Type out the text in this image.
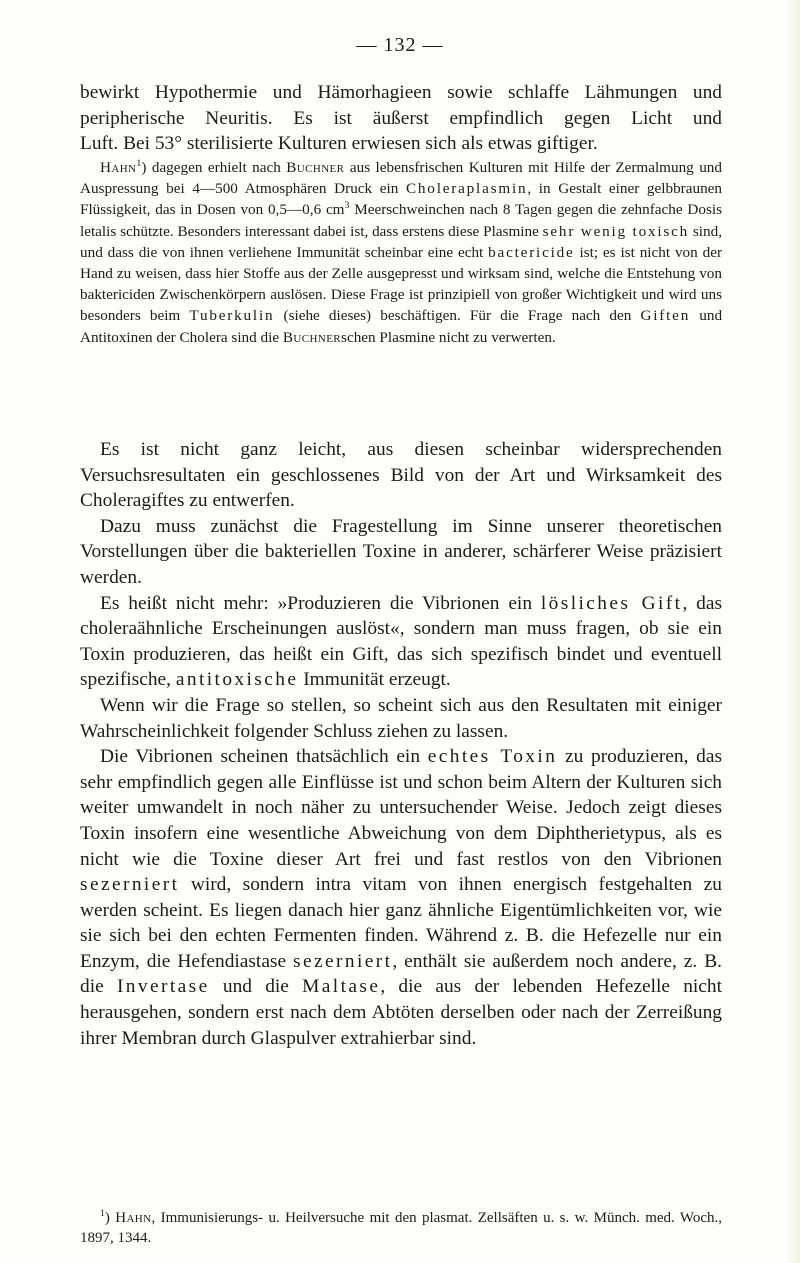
— 132 —

bewirkt Hypothermie und Hämorhagieen sowie schlaffe Lähmungen und

peripherische Neuritis. Es ist äußerst empfindlich gegen Licht und

Luft. Bei 53° sterilisierte Kulturen erwiesen sich als etwas giftiger.

Hahn$^1$) dagegen erhielt nach Buchner aus lebensfrischen Kulturen mit Hilfe der Zermalmung und Auspressung bei 4—500 Atmosphären Druck ein Choleraplasmin, in Gestalt einer gelbbraunen Flüssigkeit, das in Dosen von 0,5—0,6 $cm^3$ Meerschweinchen nach 8 Tagen gegen die zehnfache Dosis letalis schützte. Besonders interessant dabei ist, dass erstens diese Plasmine sehr wenig toxisch sind, und dass die von ihnen verliehene Immunität scheinbar eine echt bactericide ist; es ist nicht von der Hand zu weisen, dass hier Stoffe aus der Zelle ausgepresst und wirksam sind, welche die Entstehung von baktericiden Zwischenkörpern auslösen. Diese Frage ist prinzipiell von großer Wichtigkeit und wird uns besonders beim Tuberkulin (siehe dieses) beschäftigen. Für die Frage nach den Giften und Antitoxinen der Cholera sind die Buchnerschen Plasmine nicht zu verwerten.

Es ist nicht ganz leicht, aus diesen scheinbar widersprechenden Versuchsresultaten ein geschlossenes Bild von der Art und Wirksamkeit des Choleragiftes zu entwerfen.

Dazu muss zunächst die Fragestellung im Sinne unserer theoretischen Vorstellungen über die bakteriellen Toxine in anderer, schärferer Weise präzisiert werden.

Es heißt nicht mehr: »Produzieren die Vibrionen ein lösliches Gift, das choleraähnliche Erscheinungen auslöst«, sondern man muss fragen, ob sie ein Toxin produzieren, das heißt ein Gift, das sich spezifisch bindet und eventuell spezifische, antitoxische Immunität erzeugt.

Wenn wir die Frage so stellen, so scheint sich aus den Resultaten mit einiger Wahrscheinlichkeit folgender Schluss ziehen zu lassen.

Die Vibrionen scheinen thatsächlich ein echtes Toxin zu produzieren, das sehr empfindlich gegen alle Einflüsse ist und schon beim Altern der Kulturen sich weiter umwandelt in noch näher zu untersuchender Weise. Jedoch zeigt dieses Toxin insofern eine wesentliche Abweichung von dem Diphtherietypus, als es nicht wie die Toxine dieser Art frei und fast restlos von den Vibrionen sezerniert wird, sondern intra vitam von ihnen energisch festgehalten zu werden scheint. Es liegen danach hier ganz ähnliche Eigentümlichkeiten vor, wie sie sich bei den echten Fermenten finden. Während z. B. die Hefezelle nur ein Enzym, die Hefendiastase sezerniert, enthält sie außerdem noch andere, z. B. die Invertase und die Maltase, die aus der lebenden Hefezelle nicht herausgehen, sondern erst nach dem Abtöten derselben oder nach der Zerreißung ihrer Membran durch Glaspulver extrahierbar sind.

$^1$) Hahn, Immunisierungs- u. Heilversuche mit den plasmat. Zellsäften u. s. w. Münch. med. Woch., 1897, 1344.
